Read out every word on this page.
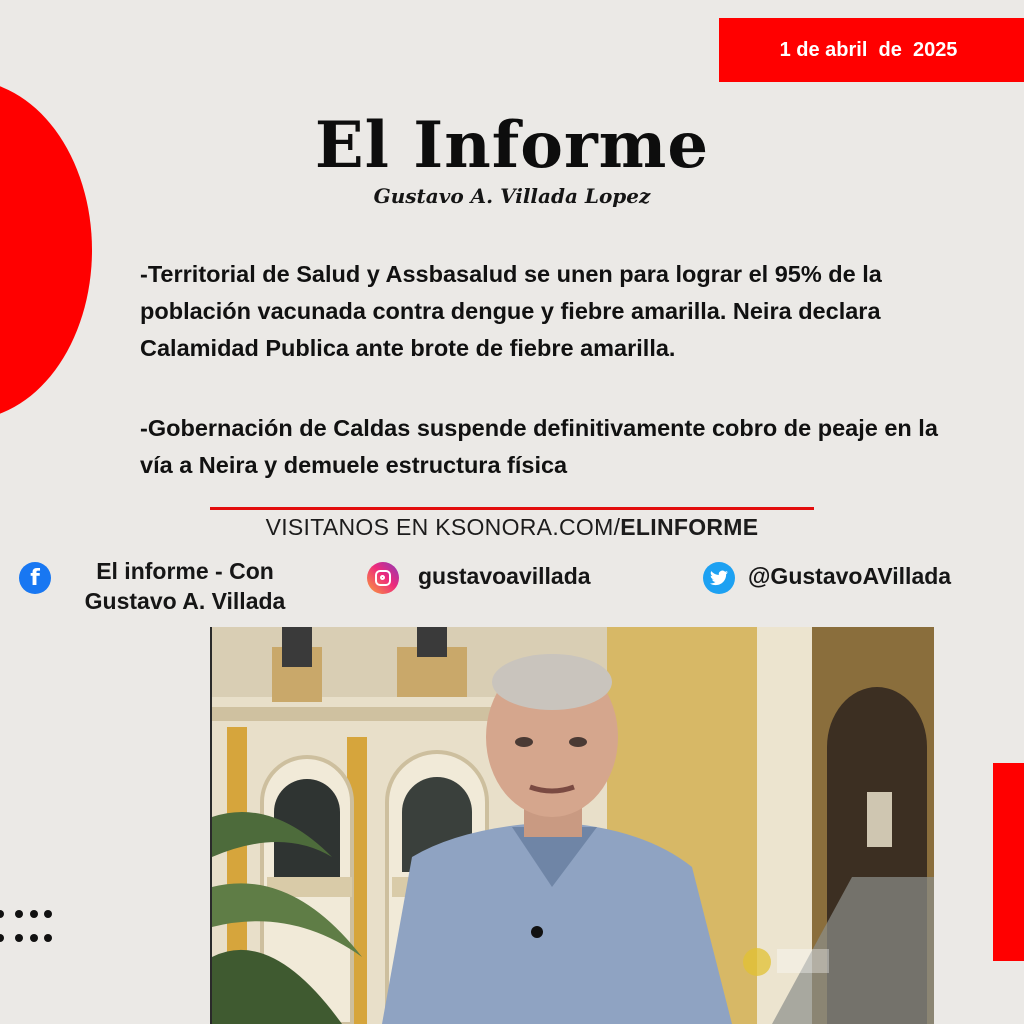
1 de abril  de  2025
El Informe
Gustavo A. Villada Lopez

-Territorial de Salud y Assbasalud se unen para lograr el 95% de la población vacunada contra dengue y fiebre amarilla. Neira declara Calamidad Publica ante brote de fiebre amarilla.

-Gobernación de Caldas suspende definitivamente cobro de peaje en la vía a Neira y demuele estructura física

VISITANOS EN KSONORA.COM/ELINFORME
f	El informe - Con
Gustavo A. Villada
gustavoavillada	@GustavoAVillada
